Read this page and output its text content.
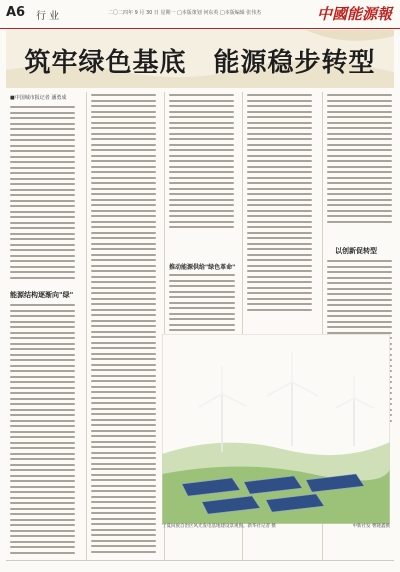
A6 行 业	二〇二四年 9 月 30 日 星期一 □本版策划 何东英 □本版编辑 张伟杰	中國能源報
筑牢绿色基底　能源稳步转型
■中国城市报记者 潘勇成
能源结构逐渐向"绿"
推动能源供给"绿色革命"
以创新促转型
宁夏回族自治区风光发电基地建设景观图。新华社记者 摄	中新社发 曹隆鑫摄
